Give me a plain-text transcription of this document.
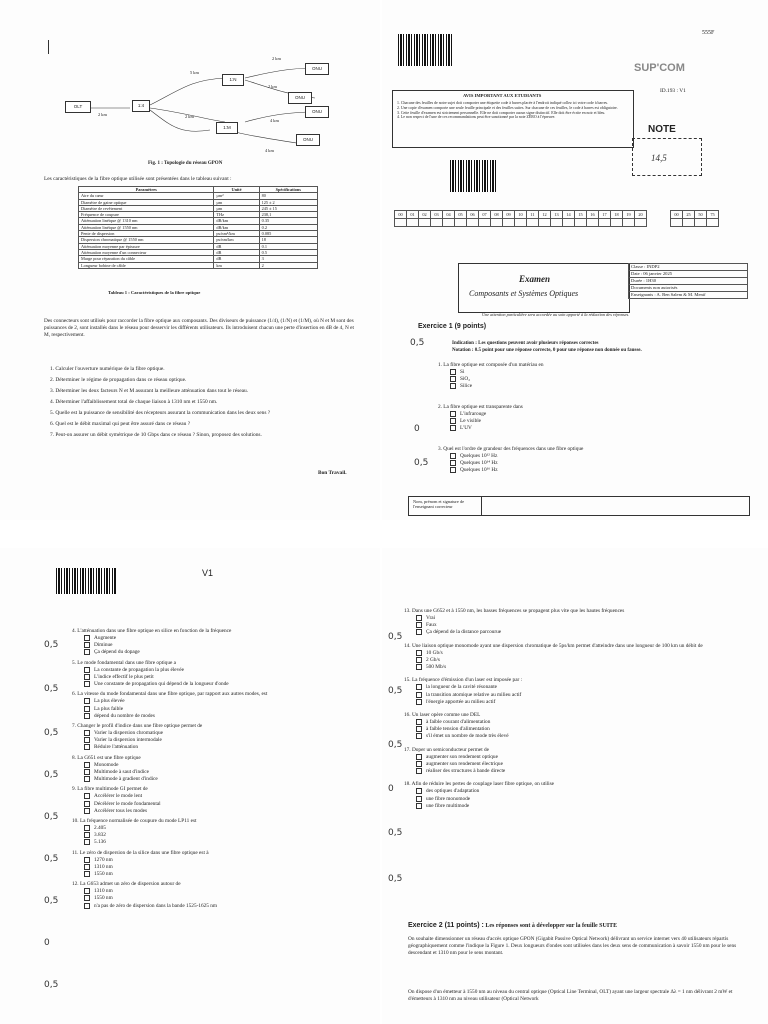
OLT	1:4
1:N
1:M
ONU
ONU
ONU
ONU
2 km
5 km
2 km
2 km
2 km
4 km
4 km
Fig. 1 : Topologie du réseau GPON
Les caractéristiques de la fibre optique utilisée sont présentées dans le tableau suivant :
Paramètres	Unité	Spécifications
Aire du cœur	µm²	80
Diamètre de gaine optique	µm	125 ± 2
Diamètre de revêtement	µm	245 ± 15
Fréquence de coupure	THz	238,1
Atténuation linéique @ 1310 nm	dB/km	0.35
Atténuation linéique @ 1550 nm	dB/km	0.2
Pente de dispersion	ps/nm²/km	0.085
Dispersion chromatique @ 1550 nm	ps/nm/km	18
Atténuation moyenne par épissure	dB	0.1
Atténuation moyenne d'un connecteur	dB	0.5
Marge pour réparation du câble	dB	3
Longueur bobine de câble	km	2
Tableau 1 : Caractéristiques de la fibre optique
Des connecteurs sont utilisés pour raccorder la fibre optique aux composants. Des diviseurs de puissance (1/4), (1/N) et (1/M), où N et M sont des puissances de 2, sont installés dans le réseau pour desservir les différents utilisateurs. Ils introduisent chacun une perte d'insertion en dB de 4, N et M, respectivement.
1. Calculer l'ouverture numérique de la fibre optique.
2. Déterminer le régime de propagation dans ce réseau optique.
3. Déterminer les deux facteurs N et M assurant la meilleure atténuation dans tout le réseau.
4. Déterminer l'affaiblissement total de chaque liaison à 1310 nm et 1550 nm.
5. Quelle est la puissance de sensibilité des récepteurs assurant la communication dans les deux sens ?
6. Quel est le débit maximal qui peut être assuré dans ce réseau ?
7. Peut-on assurer un débit symétrique de 10 Gbps dans ce réseau ? Sinon, proposez des solutions.
Bon Travail.
555F
SUP'COM
AVIS IMPORTANT AUX ETUDIANTS
1. Chacune des feuilles de notre sujet doit comporter une étiquette code à barres placée à l'endroit indiqué collez ici votre code à barres.
2. Une copie d'examen comporte une seule feuille principale et des feuilles suites. Sur chacune de ces feuilles, le code à barres est obligatoire.
3. Cette feuille d'examen est strictement personnelle. Elle ne doit comporter aucun signe distinctif. Elle doit être écrite en noir et bleu.
4. Le non respect de l'une de ces recommandations peut être sanctionné par la note ZERO à l'épreuve.
ID.193 : V1
NOTE
14,5
00	01	02	03	04	05	06	07	08	09	10	11	12	13	14	15	16	17	18	19	20
																					00	25	50	75

Examen
Composants et Systèmes Optiques
Classe : INDP2
Date : 06 janvier 2025
Durée : 1H30
Documents non autorisés
Enseignants : A. Ben Salem & M. Menif
Une attention particulière sera accordée au soin apporté à la rédaction des réponses.
Exercice 1 (9 points)
Indication : Les questions peuvent avoir plusieurs réponses correctes
Notation : 0.5 point pour une réponse correcte, 0 pour une réponse non donnée ou fausse.
1. La fibre optique est composée d'un matériau en
Si
SiO₂
Silice
2. La fibre optique est transparente dans
L'infrarouge
Le visible
L'UV
3. Quel est l'ordre de grandeur des fréquences dans une fibre optique
Quelques 10¹² Hz
Quelques 10¹⁴ Hz
Quelques 10¹⁶ Hz
0,5
0
0,5
Nom, prénom et signature de l'enseignant correcteur
V1
4. L'atténuation dans une fibre optique en silice en fonction de la fréquence
Augmente
Diminue
Ça dépend du dopage
5. Le mode fondamental dans une fibre optique a
La constante de propagation la plus élevée
L'indice effectif le plus petit
Une constante de propagation qui dépend de la longueur d'onde
6. La vitesse du mode fondamental dans une fibre optique, par rapport aux autres modes, est
La plus élevée
La plus faible
dépend du nombre de modes
7. Changer le profil d'indice dans une fibre optique permet de
Varier la dispersion chromatique
Varier la dispersion intermodale
Réduire l'atténuation
8. La G651 est une fibre optique
Monomode
Multimode à saut d'indice
Multimode à gradient d'indice
9. La fibre multimode GI permet de
Accélérer le mode lent
Décélérer le mode fondamental
Accélérer tous les modes
10. La fréquence normalisée de coupure du mode LP11 est
2.405
3.832
5.136
11. Le zéro de dispersion de la silice dans une fibre optique est à
1270 nm
1310 nm
1550 nm
12. La G653 admet un zéro de dispersion autour de
1310 nm
1550 nm
n'a pas de zéro de dispersion dans la bande 1525-1625 nm
0,5
0,5
0,5
0,5
0,5
0,5
0,5
0
0,5
13. Dans une G652 et à 1550 nm, les basses fréquences se propagent plus vite que les hautes fréquences
Vrai
Faux
Ça dépend de la distance parcourue
14. Une liaison optique monomode ayant une dispersion chromatique de 5ps/km permet d'atteindre dans une longueur de 100 km un débit de
10 Gb/s
2 Gb/s
500 Mb/s
15. La fréquence d'émission d'un laser est imposée par :
la longueur de la cavité résonante
la transition atomique relative au milieu actif
l'énergie apportée au milieu actif
16. Un laser opère comme une DEL
à faible courant d'alimentation
à faible tension d'alimentation
s'il émet un nombre de mode très élevé
17. Doper un semiconducteur permet de
augmenter son rendement optique
augmenter son rendement électrique
réaliser des structures à bande directe
18. Afin de réduire les pertes de couplage laser fibre optique, on utilise
des optiques d'adaptation
une fibre monomode
une fibre multimode
0,5
0,5
0,5
0
0,5
0,5
Exercice 2 (11 points) : Les réponses sont à développer sur la feuille SUITE
On souhaite dimensionner un réseau d'accès optique GPON (Gigabit Passive Optical Network) délivrant un service internet vers 40 utilisateurs répartis géographiquement comme l'indique la Figure 1. Deux longueurs d'ondes sont utilisées dans les deux sens de communication à savoir 1550 nm pour le sens descendant et 1310 nm pour le sens montant.
On dispose d'un émetteur à 1550 nm au niveau du central optique (Optical Line Terminal, OLT) ayant une largeur spectrale Δλ = 1 nm délivrant 2 mW et d'émetteurs à 1310 nm au niveau utilisateur (Optical Network
